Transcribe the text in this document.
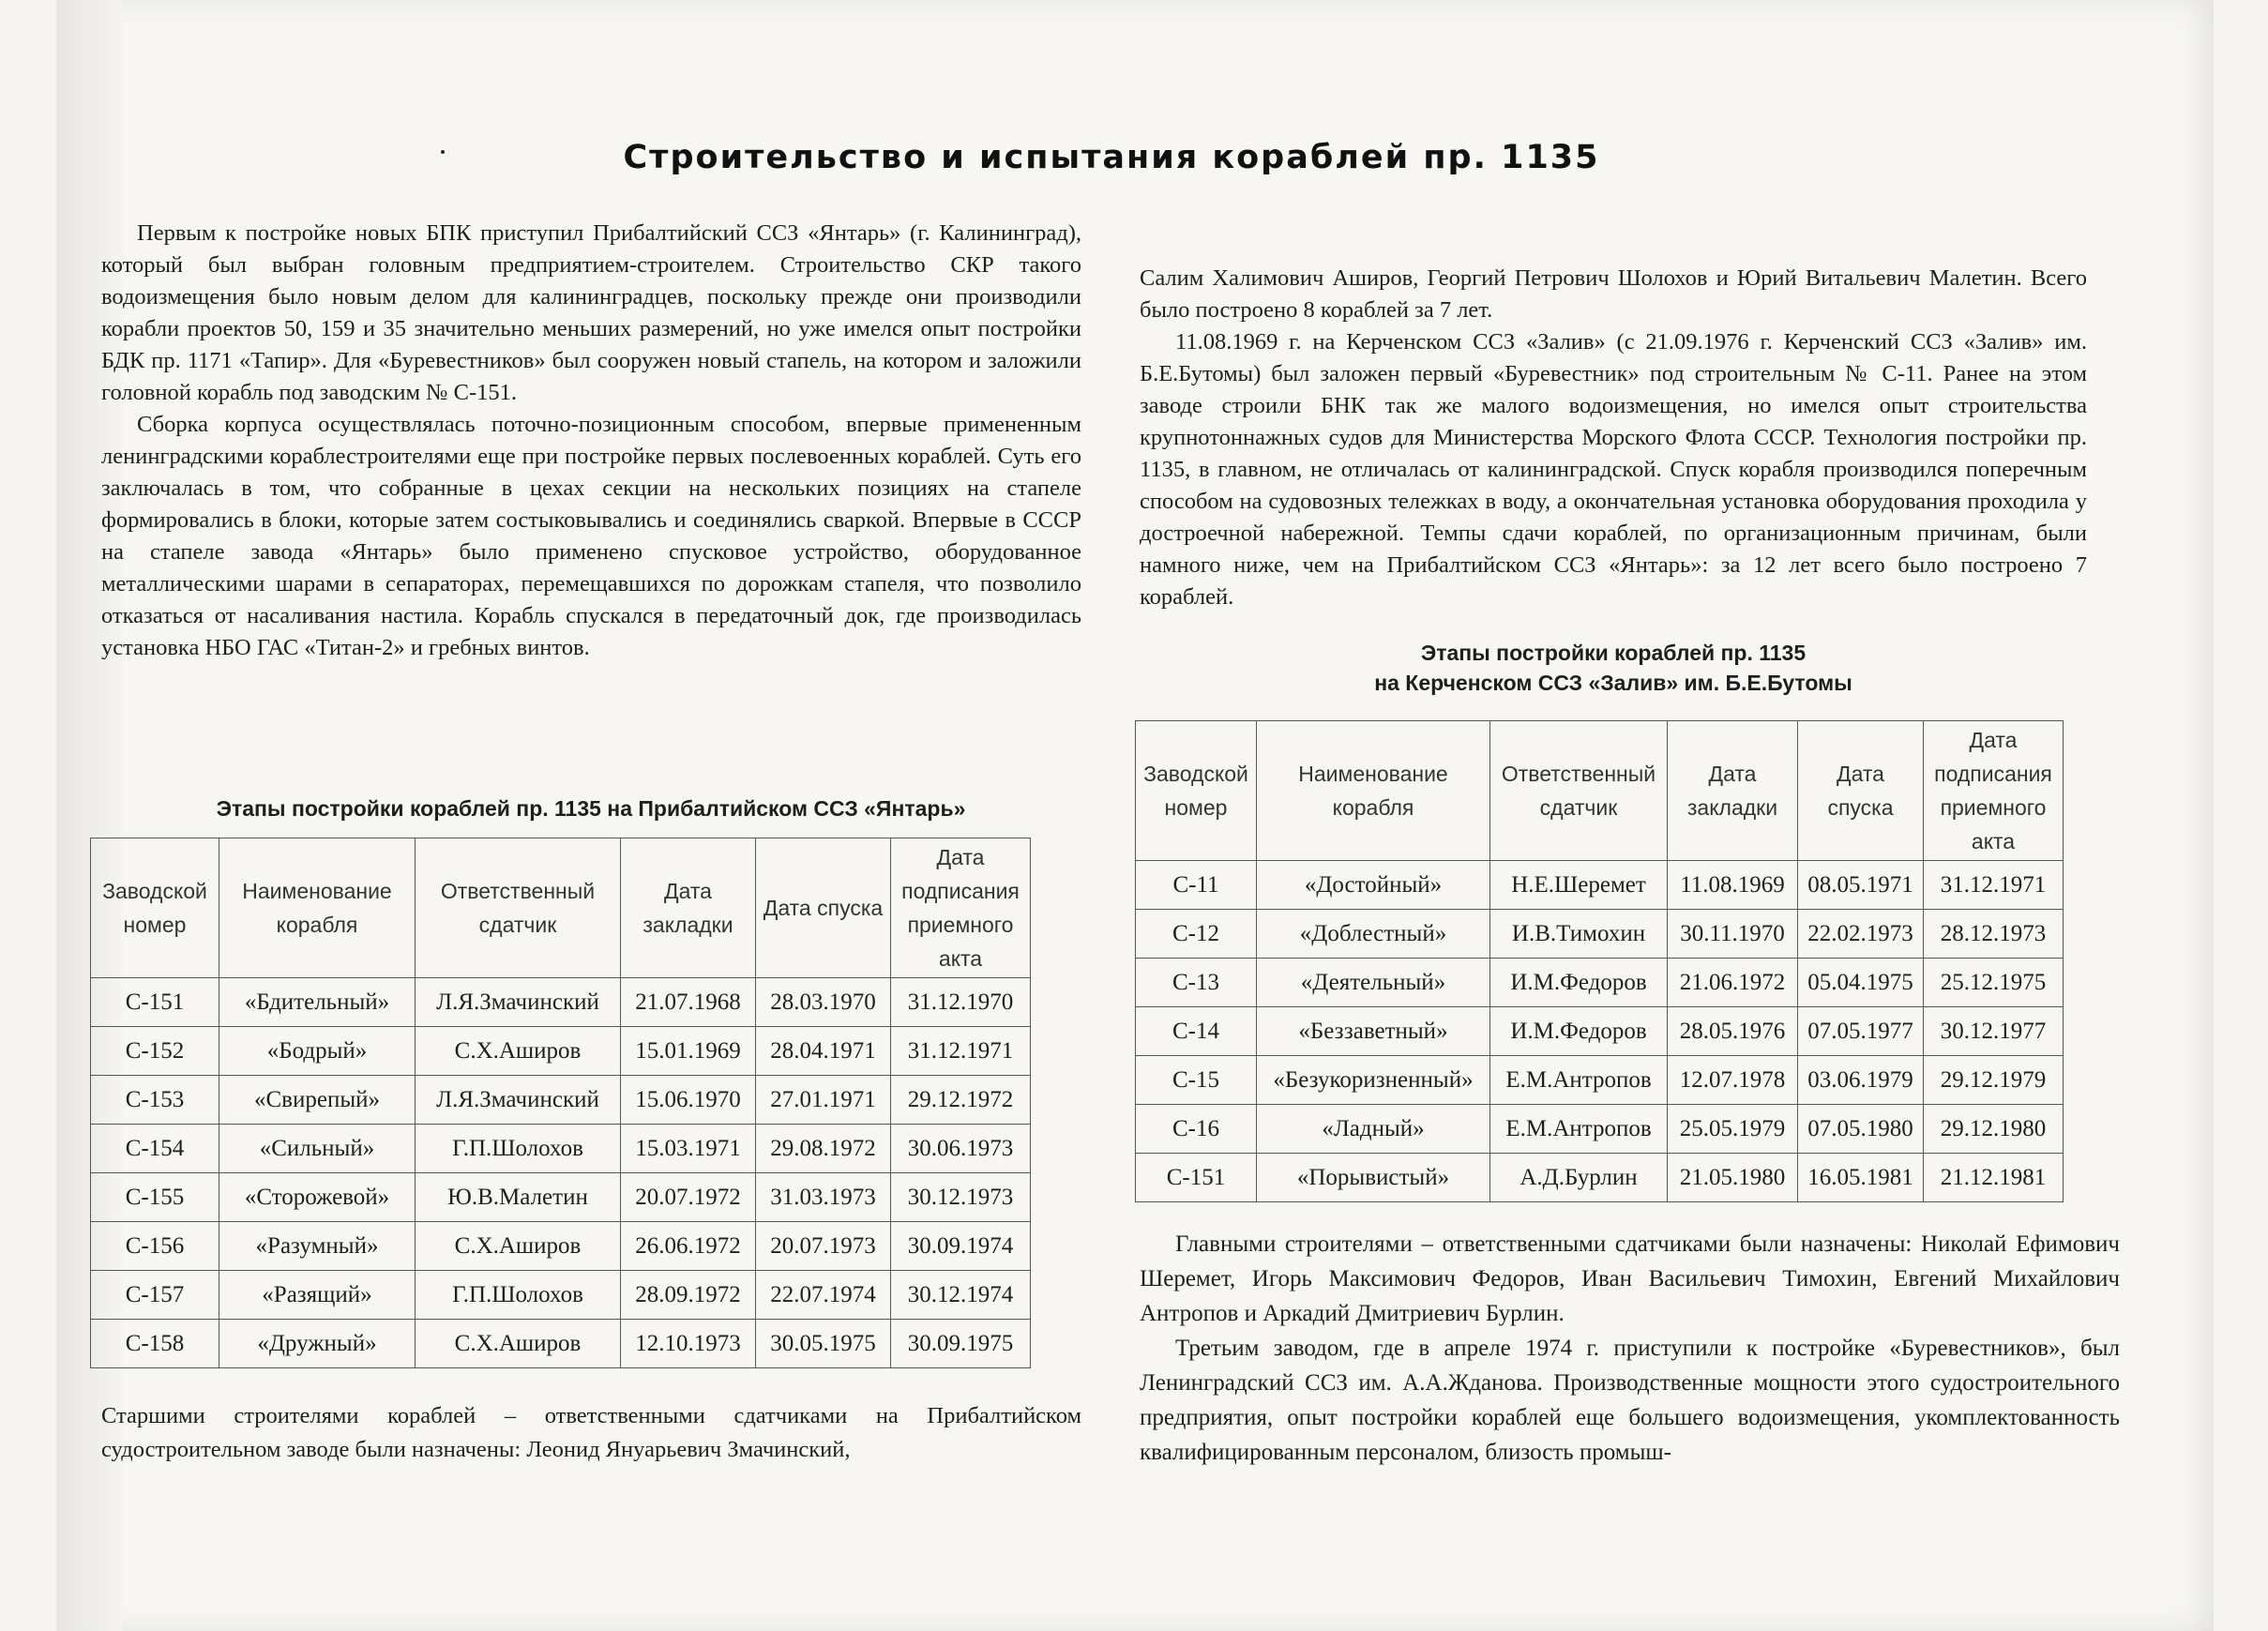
Строительство и испытания кораблей пр. 1135

Первым к постройке новых БПК приступил Прибалтийский ССЗ «Янтарь» (г. Калининград), который был выбран головным предприятием-строителем. Строительство СКР такого водоизмещения было новым делом для калининградцев, поскольку прежде они производили корабли проектов 50, 159 и 35 значительно меньших размерений, но уже имелся опыт постройки БДК пр. 1171 «Тапир». Для «Буревестников» был сооружен новый стапель, на котором и заложили головной корабль под заводским № С-151.

Сборка корпуса осуществлялась поточно-позиционным способом, впервые примененным ленинградскими кораблестроителями еще при постройке первых послевоенных кораблей. Суть его заключалась в том, что собранные в цехах секции на нескольких позициях на стапеле формировались в блоки, которые затем состыковывались и соединялись сваркой. Впервые в СССР на стапеле завода «Янтарь» было применено спусковое устройство, оборудованное металлическими шарами в сепараторах, перемещавшихся по дорожкам стапеля, что позволило отказаться от насаливания настила. Корабль спускался в передаточный док, где производилась установка НБО ГАС «Титан-2» и гребных винтов.

Этапы постройки кораблей пр. 1135 на Прибалтийском ССЗ «Янтарь»
Заводской номер	Наименование корабля	Ответственный сдатчик	Дата закладки	Дата спуска	Дата подписания приемного акта
С-151	«Бдительный»	Л.Я.Змачинский	21.07.1968	28.03.1970	31.12.1970
С-152	«Бодрый»	С.Х.Аширов	15.01.1969	28.04.1971	31.12.1971
С-153	«Свирепый»	Л.Я.Змачинский	15.06.1970	27.01.1971	29.12.1972
С-154	«Сильный»	Г.П.Шолохов	15.03.1971	29.08.1972	30.06.1973
С-155	«Сторожевой»	Ю.В.Малетин	20.07.1972	31.03.1973	30.12.1973
С-156	«Разумный»	С.Х.Аширов	26.06.1972	20.07.1973	30.09.1974
С-157	«Разящий»	Г.П.Шолохов	28.09.1972	22.07.1974	30.12.1974
С-158	«Дружный»	С.Х.Аширов	12.10.1973	30.05.1975	30.09.1975

Старшими строителями кораблей – ответственными сдатчиками на Прибалтийском судостроительном заводе были назначены: Леонид Януарьевич Змачинский,

Салим Халимович Аширов, Георгий Петрович Шолохов и Юрий Витальевич Малетин. Всего было построено 8 кораблей за 7 лет.

11.08.1969 г. на Керченском ССЗ «Залив» (с 21.09.1976 г. Керченский ССЗ «Залив» им. Б.Е.Бутомы) был заложен первый «Буревестник» под строительным № С-11. Ранее на этом заводе строили БНК так же малого водоизмещения, но имелся опыт строительства крупнотоннажных судов для Министерства Морского Флота СССР. Технология постройки пр. 1135, в главном, не отличалась от калининградской. Спуск корабля производился поперечным способом на судовозных тележках в воду, а окончательная установка оборудования проходила у достроечной набережной. Темпы сдачи кораблей, по организационным причинам, были намного ниже, чем на Прибалтийском ССЗ «Янтарь»: за 12 лет всего было построено 7 кораблей.

Этапы постройки кораблей пр. 1135
на Керченском ССЗ «Залив» им. Б.Е.Бутомы
Заводской номер	Наименование корабля	Ответственный сдатчик	Дата закладки	Дата спуска	Дата подписания приемного акта
С-11	«Достойный»	Н.Е.Шеремет	11.08.1969	08.05.1971	31.12.1971
С-12	«Доблестный»	И.В.Тимохин	30.11.1970	22.02.1973	28.12.1973
С-13	«Деятельный»	И.М.Федоров	21.06.1972	05.04.1975	25.12.1975
С-14	«Беззаветный»	И.М.Федоров	28.05.1976	07.05.1977	30.12.1977
С-15	«Безукоризненный»	Е.М.Антропов	12.07.1978	03.06.1979	29.12.1979
С-16	«Ладный»	Е.М.Антропов	25.05.1979	07.05.1980	29.12.1980
С-151	«Порывистый»	А.Д.Бурлин	21.05.1980	16.05.1981	21.12.1981

Главными строителями – ответственными сдатчиками были назначены: Николай Ефимович Шеремет, Игорь Максимович Федоров, Иван Васильевич Тимохин, Евгений Михайлович Антропов и Аркадий Дмитриевич Бурлин.

Третьим заводом, где в апреле 1974 г. приступили к постройке «Буревестников», был Ленинградский ССЗ им. А.А.Жданова. Производственные мощности этого судостроительного предприятия, опыт постройки кораблей еще большего водоизмещения, укомплектованность квалифицированным персоналом, близость промыш-
